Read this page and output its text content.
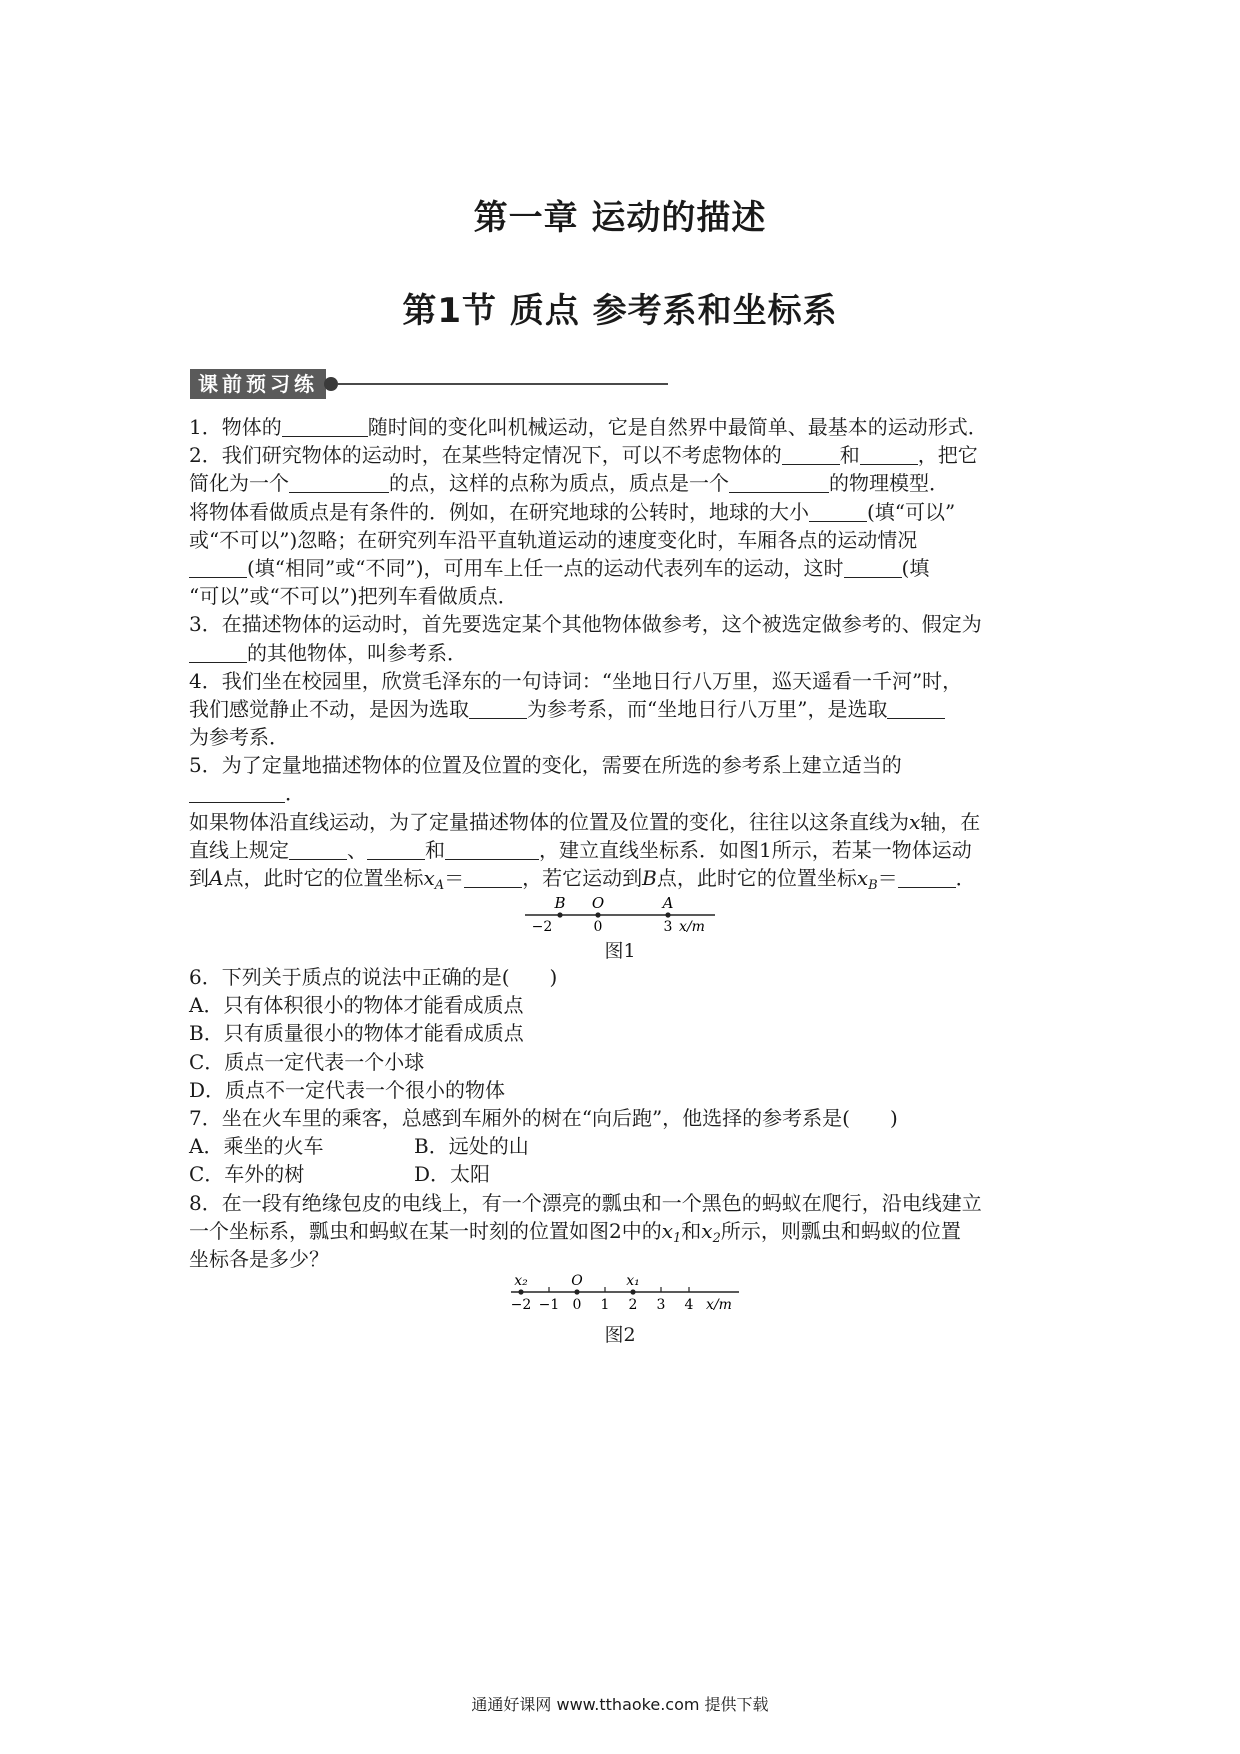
第一章 运动的描述
第1节 质点 参考系和坐标系
课前预习练
1．物体的	随时间的变化叫机械运动，它是自然界中最简单、最基本的运动形式．
2．我们研究物体的运动时，在某些特定情况下，可以不考虑物体的	和	，把它
简化为一个	的点，这样的点称为质点，质点是一个	的物理模型．
将物体看做质点是有条件的．例如，在研究地球的公转时，地球的大小	(填“可以”
或“不可以”)忽略；在研究列车沿平直轨道运动的速度变化时，车厢各点的运动情况
(填“相同”或“不同”)，可用车上任一点的运动代表列车的运动，这时	(填
“可以”或“不可以”)把列车看做质点．
3．在描述物体的运动时，首先要选定某个其他物体做参考，这个被选定做参考的、假定为
的其他物体，叫参考系．
4．我们坐在校园里，欣赏毛泽东的一句诗词：“坐地日行八万里，巡天遥看一千河”时，
我们感觉静止不动，是因为选取	为参考系，而“坐地日行八万里”，是选取
为参考系．
5．为了定量地描述物体的位置及位置的变化，需要在所选的参考系上建立适当的
．
如果物体沿直线运动，为了定量描述物体的位置及位置的变化，往往以这条直线为x轴，在
直线上规定	、	和	，建立直线坐标系．如图1所示，若某一物体运动
到A点，此时它的位置坐标$x_A=$	，若它运动到B点，此时它的位置坐标$x_B=$	．
B O	A
−2	0	3 x/m
图1
6．下列关于质点的说法中正确的是(　　)
A．只有体积很小的物体才能看成质点
B．只有质量很小的物体才能看成质点
C．质点一定代表一个小球
D．质点不一定代表一个很小的物体
7．坐在火车里的乘客，总感到车厢外的树在“向后跑”，他选择的参考系是(　　)
A．乘坐的火车	B．远处的山
C．车外的树	D．太阳
8．在一段有绝缘包皮的电线上，有一个漂亮的瓢虫和一个黑色的蚂蚁在爬行，沿电线建立
一个坐标系，瓢虫和蚂蚁在某一时刻的位置如图2中的$x_1$和$x_2$所示，则瓢虫和蚂蚁的位置
坐标各是多少？
x₂	O	x₁
−2 −1 0 1 2 3 4 x/m
图2
通通好课网 www.tthaoke.com 提供下载
